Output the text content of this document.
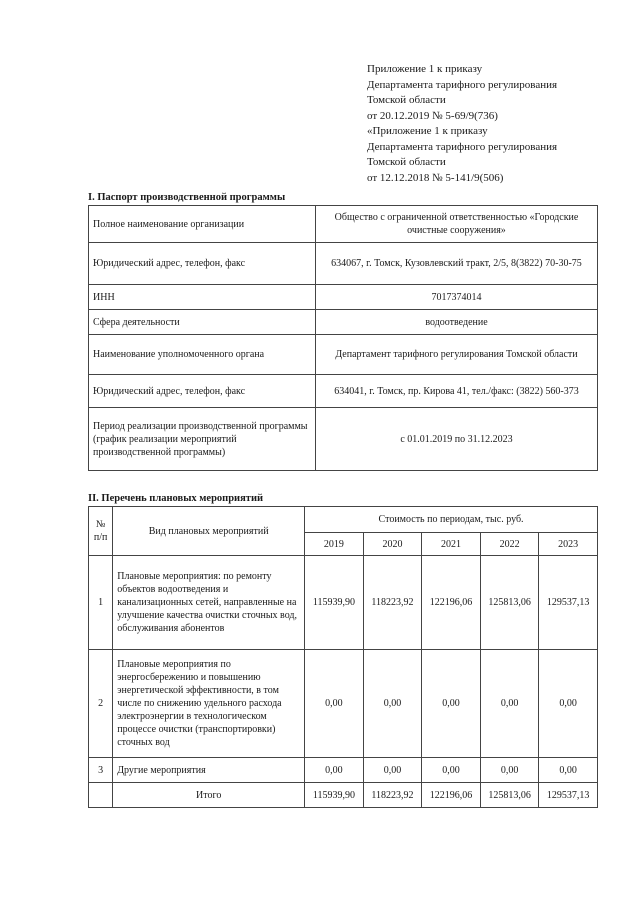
Приложение 1 к приказу
Департамента тарифного регулирования
Томской области
от 20.12.2019 № 5-69/9(736)
«Приложение 1 к приказу
Департамента тарифного регулирования
Томской области
от 12.12.2018 № 5-141/9(506)
I. Паспорт производственной программы
Полное наименование организации	Общество с ограниченной ответственностью «Городские очистные сооружения»
Юридический адрес, телефон, факс	634067, г. Томск, Кузовлевский тракт, 2/5, 8(3822) 70-30-75
ИНН	7017374014
Сфера деятельности	водоотведение
Наименование уполномоченного органа	Департамент тарифного регулирования Томской области
Юридический адрес, телефон, факс	634041, г. Томск, пр. Кирова 41, тел./факс: (3822) 560-373
Период реализации производственной программы (график реализации мероприятий производственной программы)	с 01.01.2019 по 31.12.2023
II. Перечень плановых мероприятий
№ п/п	Вид плановых мероприятий	Стоимость по периодам, тыс. руб.				
		2019	2020	2021	2022	2023
1	Плановые мероприятия: по ремонту объектов водоотведения и канализационных сетей, направленные на улучшение качества очистки сточных вод, обслуживания абонентов	115939,90	118223,92	122196,06	125813,06	129537,13
2	Плановые мероприятия по энергосбережению и повышению энергетической эффективности, в том числе по снижению удельного расхода электроэнергии в технологическом процессе очистки (транспортировки) сточных вод	0,00	0,00	0,00	0,00	0,00
3	Другие мероприятия	0,00	0,00	0,00	0,00	0,00
	Итого	115939,90	118223,92	122196,06	125813,06	129537,13
